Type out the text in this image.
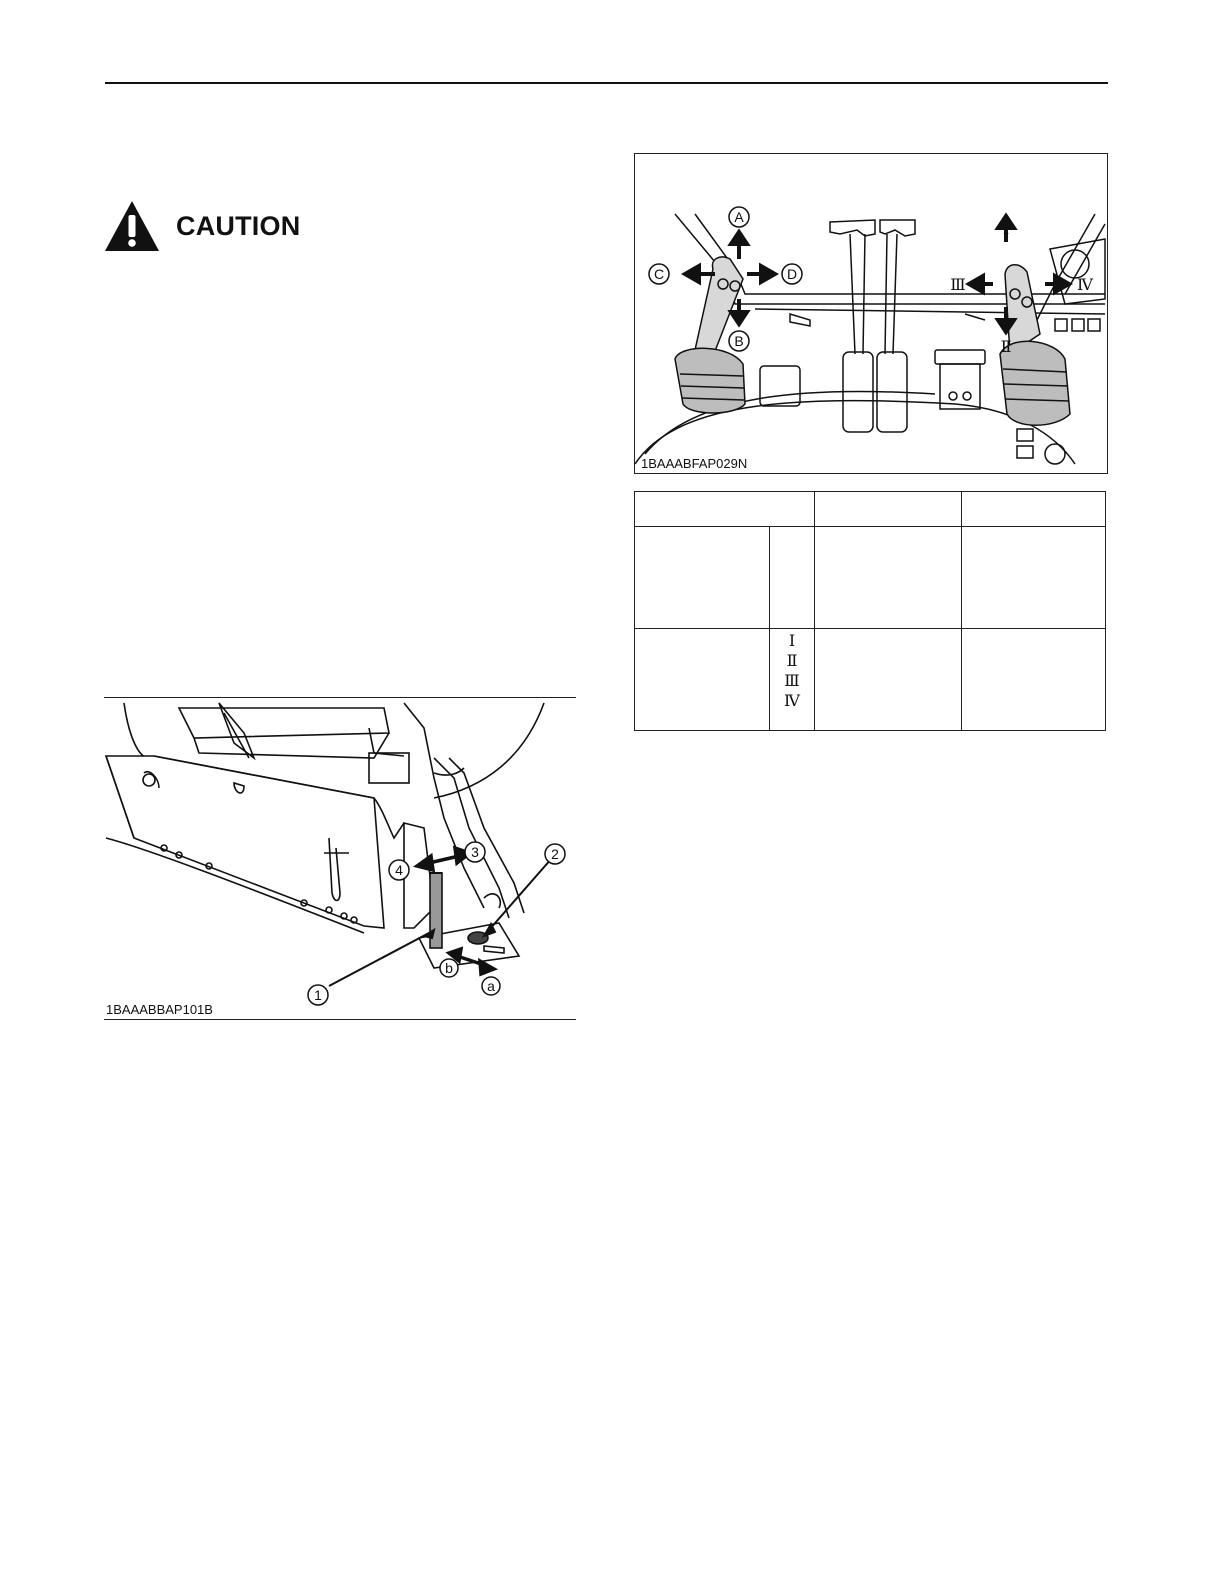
CAUTION
1
2
3
4
a
b
1BAAABBAP101B
A
B
C	D
Ⅰ
Ⅱ
Ⅲ	Ⅳ
1BAAABFAP029N

	Ⅰ
Ⅱ
Ⅲ
Ⅳ		
